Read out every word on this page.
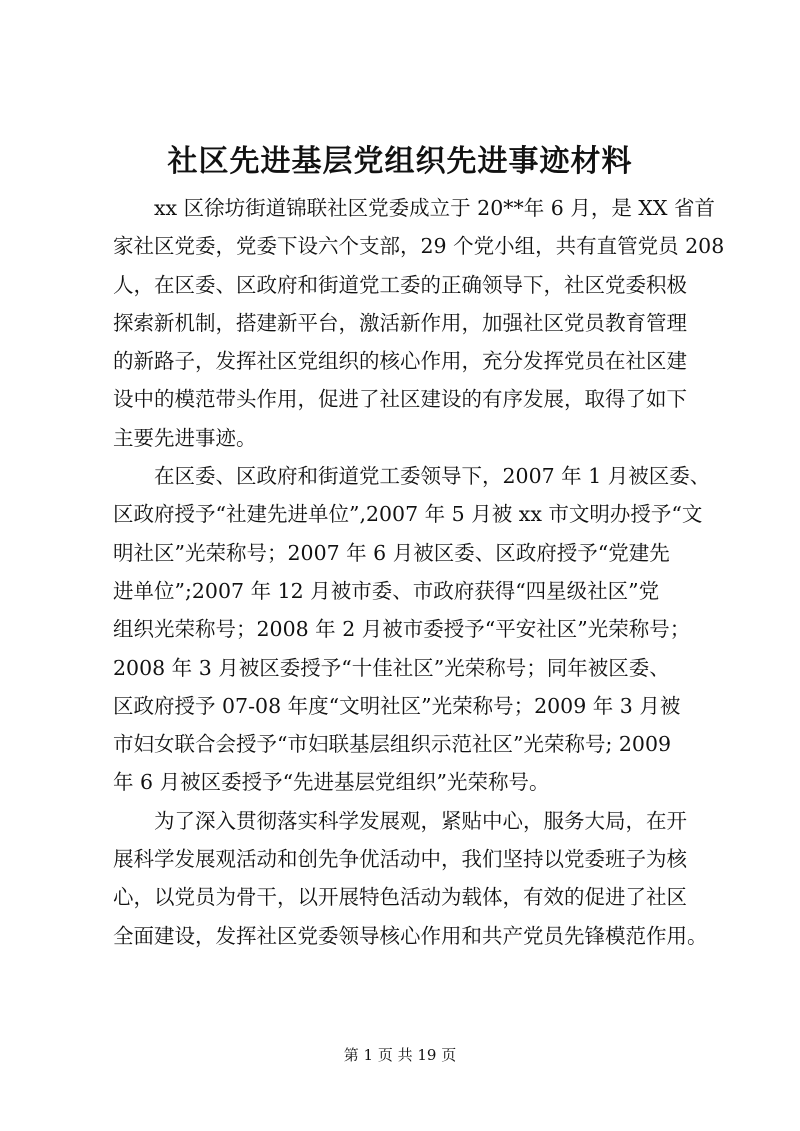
社区先进基层党组织先进事迹材料
xx 区徐坊街道锦联社区党委成立于 20**年 6 月，是 XX 省首
家社区党委，党委下设六个支部，29 个党小组，共有直管党员 208
人，在区委、区政府和街道党工委的正确领导下，社区党委积极
探索新机制，搭建新平台，激活新作用，加强社区党员教育管理
的新路子，发挥社区党组织的核心作用，充分发挥党员在社区建
设中的模范带头作用，促进了社区建设的有序发展，取得了如下
主要先进事迹。
在区委、区政府和街道党工委领导下，2007 年 1 月被区委、
区政府授予“社建先进单位”,2007 年 5 月被 xx 市文明办授予“文
明社区”光荣称号；2007 年 6 月被区委、区政府授予“党建先
进单位”;2007 年 12 月被市委、市政府获得“四星级社区”党
组织光荣称号；2008 年 2 月被市委授予“平安社区”光荣称号；
2008 年 3 月被区委授予“十佳社区”光荣称号；同年被区委、
区政府授予 07-08 年度“文明社区”光荣称号；2009 年 3 月被
市妇女联合会授予“市妇联基层组织示范社区”光荣称号; 2009
年 6 月被区委授予“先进基层党组织”光荣称号。
为了深入贯彻落实科学发展观，紧贴中心，服务大局，在开
展科学发展观活动和创先争优活动中，我们坚持以党委班子为核
心，以党员为骨干，以开展特色活动为载体，有效的促进了社区
全面建设，发挥社区党委领导核心作用和共产党员先锋模范作用。
第 1 页 共 19 页
